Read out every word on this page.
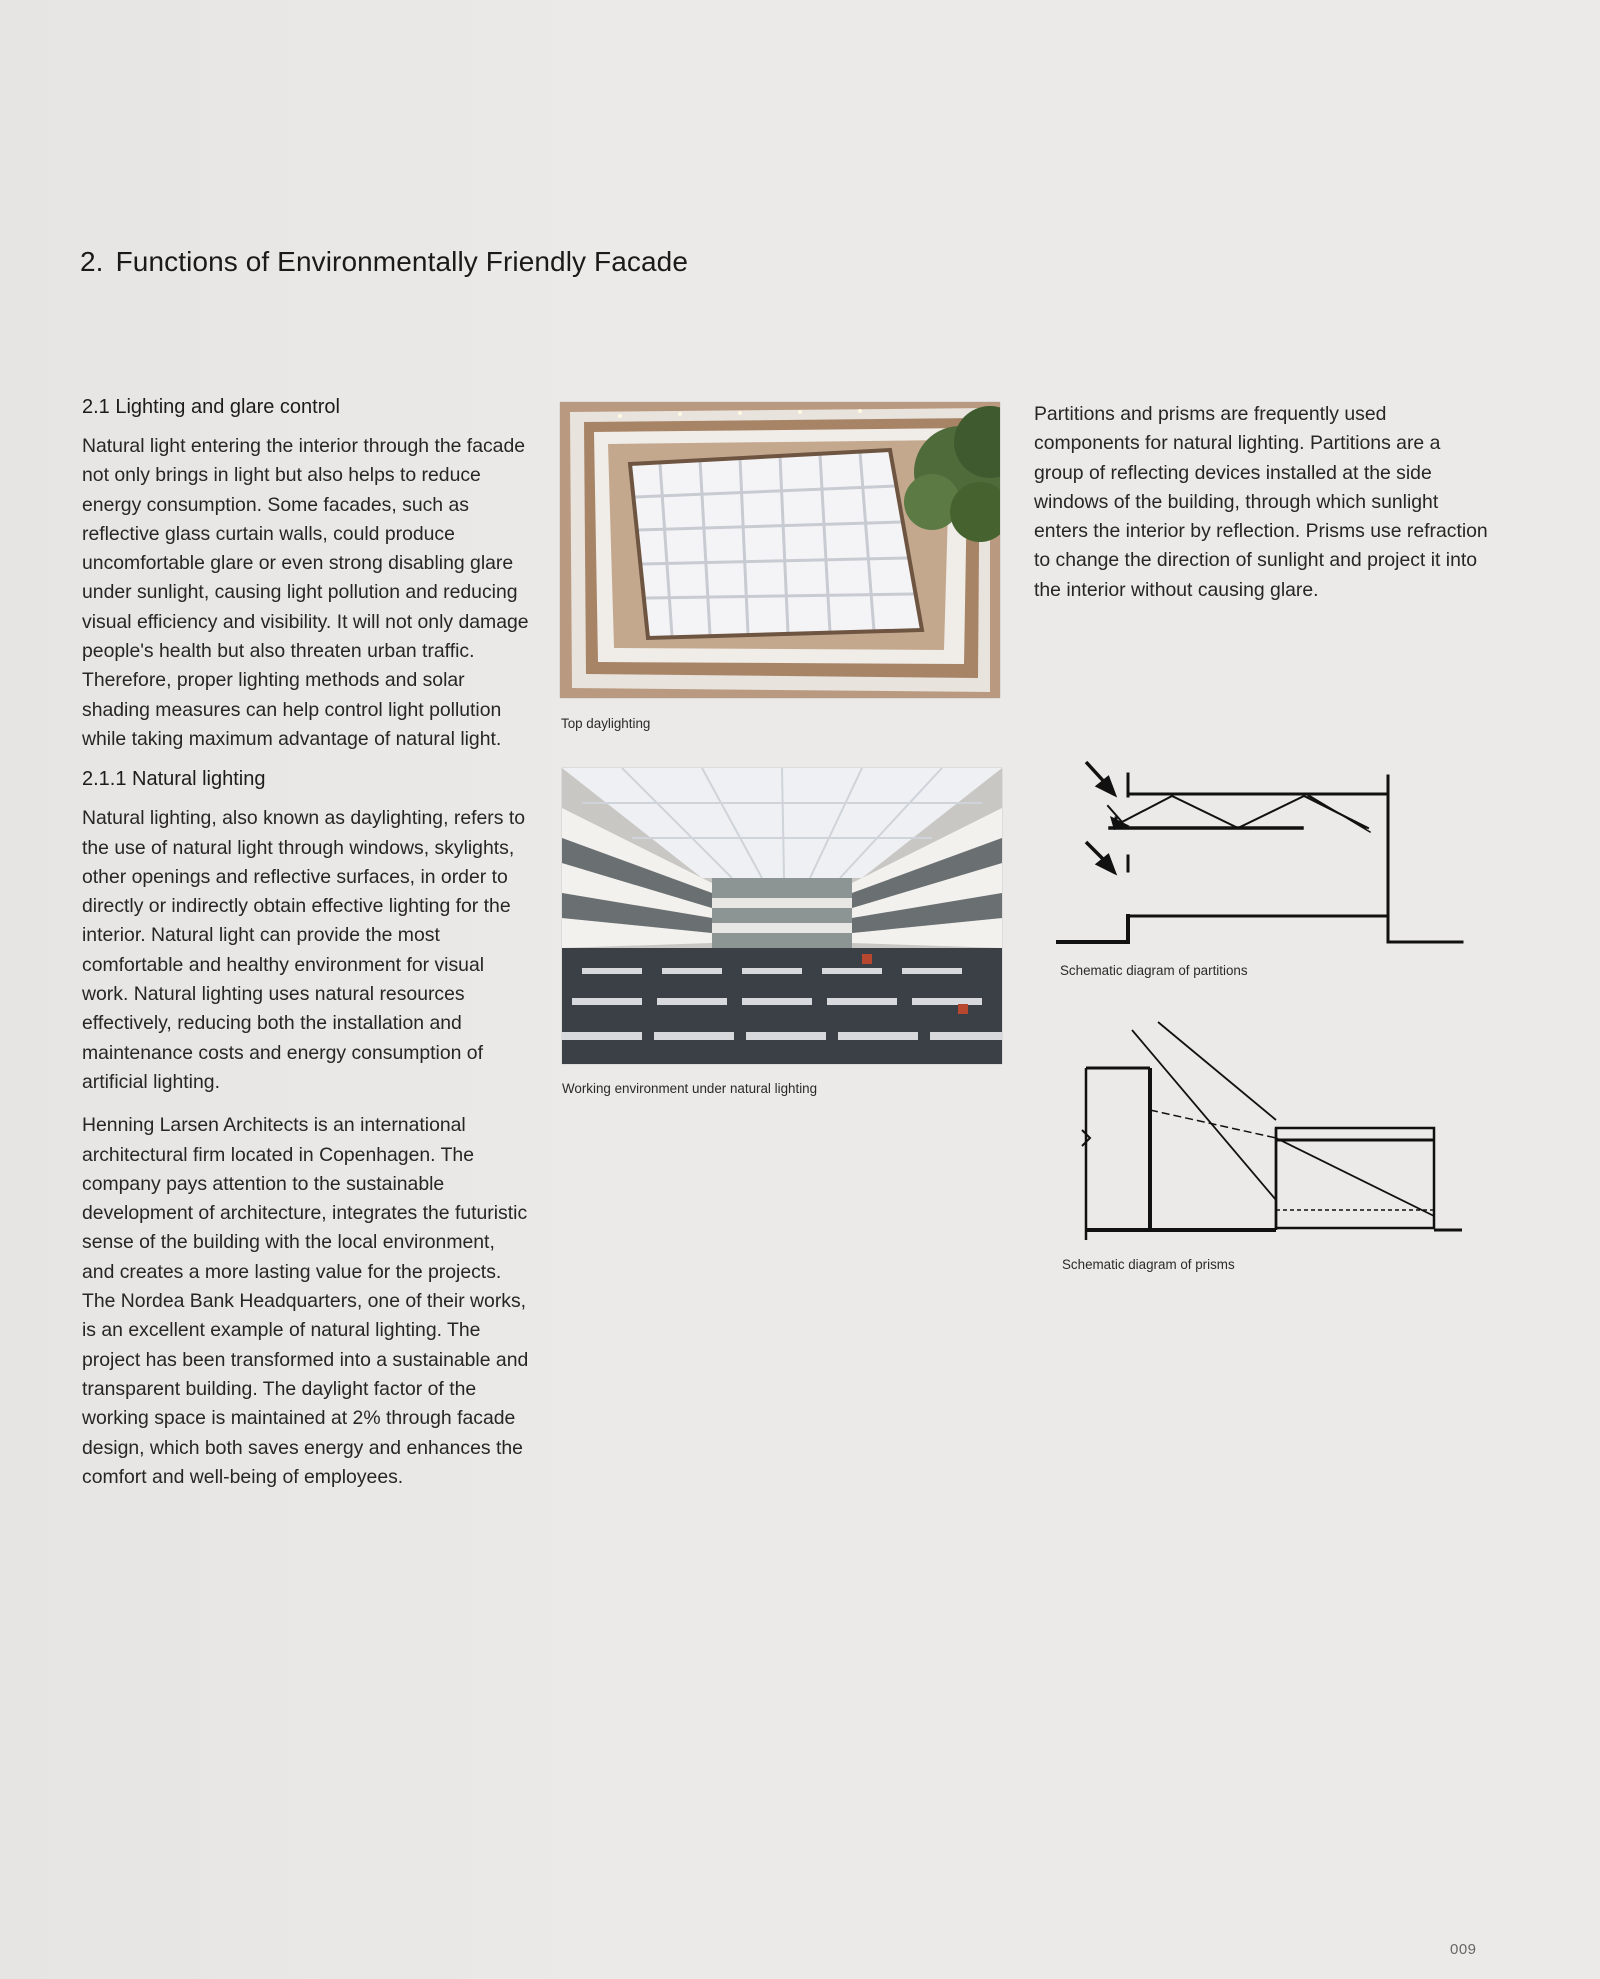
2. Functions of Environmentally Friendly Facade
2.1 Lighting and glare control

Natural light entering the interior through the facade not only brings in light but also helps to reduce energy consumption. Some facades, such as reflective glass curtain walls, could produce uncomfortable glare or even strong disabling glare under sunlight, causing light pollution and reducing visual efficiency and visibility. It will not only damage people's health but also threaten urban traffic. Therefore, proper lighting methods and solar shading measures can help control light pollution while taking maximum advantage of natural light.

2.1.1 Natural lighting

Natural lighting, also known as daylighting, refers to the use of natural light through windows, skylights, other openings and reflective surfaces, in order to directly or indirectly obtain effective lighting for the interior. Natural light can provide the most comfortable and healthy environment for visual work. Natural lighting uses natural resources effectively, reducing both the installation and maintenance costs and energy consumption of artificial lighting.

Henning Larsen Architects is an international architectural firm located in Copenhagen. The company pays attention to the sustainable development of architecture, integrates the futuristic sense of the building with the local environment, and creates a more lasting value for the projects. The Nordea Bank Headquarters, one of their works, is an excellent example of natural lighting. The project has been transformed into a sustainable and transparent building. The daylight factor of the working space is maintained at 2% through facade design, which both saves energy and enhances the comfort and well-being of employees.

Top daylighting
Working environment under natural lighting

Partitions and prisms are frequently used components for natural lighting. Partitions are a group of reflecting devices installed at the side windows of the building, through which sunlight enters the interior by reflection. Prisms use refraction to change the direction of sunlight and project it into the interior without causing glare.

Schematic diagram of partitions
Schematic diagram of prisms
009
